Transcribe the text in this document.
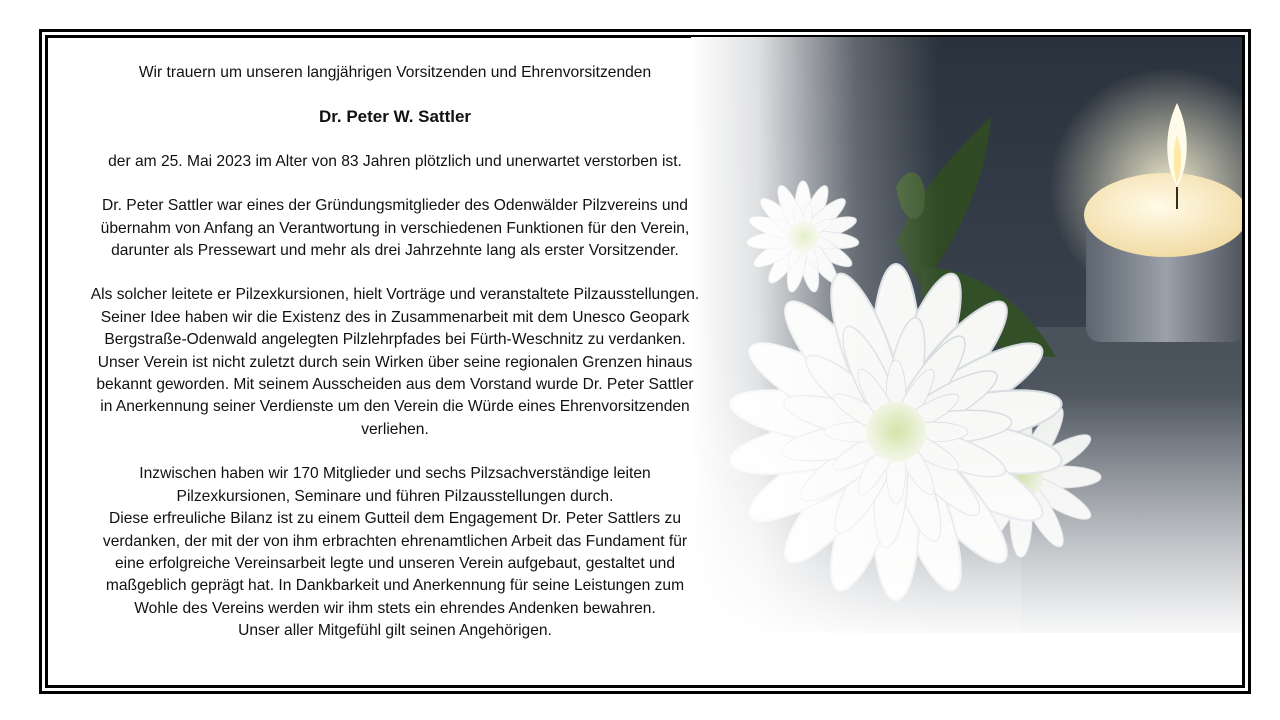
Wir trauern um unseren langjährigen Vorsitzenden und Ehrenvorsitzenden

Dr. Peter W. Sattler

der am 25. Mai 2023 im Alter von 83 Jahren plötzlich und unerwartet verstorben ist.

Dr. Peter Sattler war eines der Gründungsmitglieder des Odenwälder Pilzvereins und

übernahm von Anfang an Verantwortung in verschiedenen Funktionen für den Verein,

darunter als Pressewart und mehr als drei Jahrzehnte lang als erster Vorsitzender.

Als solcher leitete er Pilzexkursionen, hielt Vorträge und veranstaltete Pilzausstellungen.

Seiner Idee haben wir die Existenz des in Zusammenarbeit mit dem Unesco Geopark

Bergstraße-Odenwald angelegten Pilzlehrpfades bei Fürth-Weschnitz zu verdanken.

Unser Verein ist nicht zuletzt durch sein Wirken über seine regionalen Grenzen hinaus

bekannt geworden. Mit seinem Ausscheiden aus dem Vorstand wurde Dr. Peter Sattler

in Anerkennung seiner Verdienste um den Verein die Würde eines Ehrenvorsitzenden

verliehen.

Inzwischen haben wir 170 Mitglieder und sechs Pilzsachverständige leiten

Pilzexkursionen, Seminare und führen Pilzausstellungen durch.

Diese erfreuliche Bilanz ist zu einem Gutteil dem Engagement Dr. Peter Sattlers zu

verdanken, der mit der von ihm erbrachten ehrenamtlichen Arbeit das Fundament für

eine erfolgreiche Vereinsarbeit legte und unseren Verein aufgebaut, gestaltet und

maßgeblich geprägt hat. In Dankbarkeit und Anerkennung für seine Leistungen zum

Wohle des Vereins werden wir ihm stets ein ehrendes Andenken bewahren.

Unser aller Mitgefühl gilt seinen Angehörigen.
